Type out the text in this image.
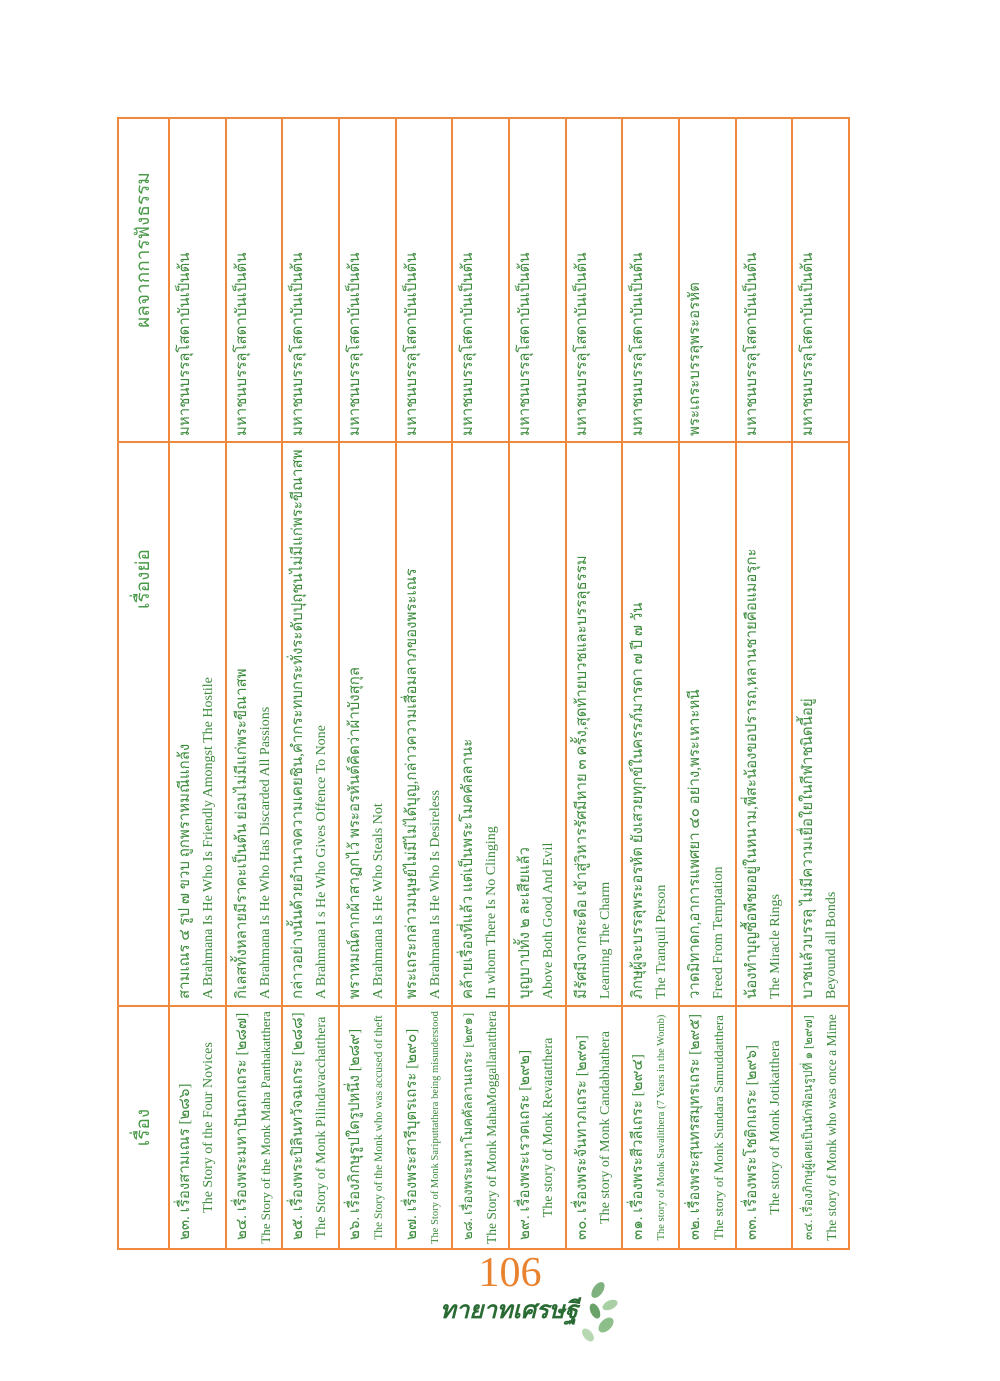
เรื่อง
เรื่องย่อ
ผลจากการฟังธรรม
๒๓. เรื่องสามเณร [๒๘๖] The Story of the Four Novices
สามเณร ๔ รูป ๗ ขวบ ถูกพราหมณีแกล้ง A Brahmana Is He Who Is Friendly Amongst The Hostile
มหาชนบรรลุโสดาบันเป็นต้น
๒๔. เรื่องพระมหาปันถกเถระ [๒๘๗] The Story of the Monk Maha Panthakatthera
กิเลสทั้งหลายมีราคะเป็นต้น ย่อมไม่มีแก่พระขีณาสพ A Brahmana Is He Who Has Discarded All Passions
มหาชนบรรลุโสดาบันเป็นต้น
๒๕. เรื่องพระปิลินทวัจฉเถระ [๒๘๘] The Story of Monk Pilindavacchatthera
กล่าวอย่างนั้นด้วยอำนาจความเคยชิน,คำกระทบกระทั่งระดับปุถุชนไม่มีแก่พระขีณาสพ A Brahmana I s He Who Gives Offence To None
มหาชนบรรลุโสดาบันเป็นต้น
๒๖. เรื่องภิกษุรูปใดรูปหนึ่ง [๒๘๙] The Story of the Monk who was accused of theft
พราหมณ์ตากผ้าสาฏกไว้ พระอรหันต์คิดว่าผ้าบังสุกุล A Brahmana Is He Who Steals Not
มหาชนบรรลุโสดาบันเป็นต้น
๒๗. เรื่องพระสารีบุตรเถระ [๒๙๐] The Story of Monk Sariputtathera being misunderstood
พระเถระกล่าวมนุษย์ไม่มีไม่ได้บุญ,กล่าวความเสื่อมลาภของพระเณร A Brahmana Is He Who Is Desireless
มหาชนบรรลุโสดาบันเป็นต้น
๒๘. เรื่องพระมหาโมคคัลลานเถระ [๒๙๑] The Story of Monk MahaMoggallanatthera
คล้ายเรื่องที่แล้ว แต่เป็นพระโมคคัลลานะ In whom There Is No Clinging
มหาชนบรรลุโสดาบันเป็นต้น
๒๙. เรื่องพระเรวตเถระ [๒๙๒] The story of Monk Revatatthera
บุญบาปทั้ง ๒ ละเสียแล้ว Above Both Good And Evil
มหาชนบรรลุโสดาบันเป็นต้น
๓๐. เรื่องพระจันทาภเถระ [๒๙๓] The story of Monk Candabhathera
มีรัศมีจากสะดือ เข้าสู่วิหารรัศมีหาย ๓ ครั้ง,สุดท้ายบวชและบรรลุธรรม Learning The Charm
มหาชนบรรลุโสดาบันเป็นต้น
๓๑. เรื่องพระสีวลีเถระ [๒๙๔] The story of Monk Savalithera (7 Years in the Womb)
ภิกษุผู้จะบรรลุพระอรหัต ยังเสวยทุกข์ในครรภ์มารดา ๗ ปี ๗ วัน The Tranquil Person
มหาชนบรรลุโสดาบันเป็นต้น
๓๒. เรื่องพระสุนทรสมุทรเถระ [๒๙๕] The story of Monk Sundara Samuddatthera
วาดมิทาดก,อาการแพศยา ๔๐ อย่าง,พระเหาะหนี Freed From Temptation
พระเถระบรรลุพระอรหัต
๓๓. เรื่องพระโชติกเถระ [๒๙๖] The story of Monk Jotikatthera
น้องทำบุญซื้อพืชยอยู่ในหนาม,พี่สะน้องขอปรารถ,หลานชายคือแมอรุกะ The Miracle Rings
มหาชนบรรลุโสดาบันเป็นต้น
๓๔. เรื่องภิกษุผู้เคยเป็นนักฟ้อนรูปที่ ๑ [๒๙๗] The story of Monk who was once a Mime
บวชแล้วบรรลุ ไม่มีความเยื่อใยในกีฬาชนิดนี้อยู่ Beyound all Bonds
มหาชนบรรลุโสดาบันเป็นต้น
106
ทายาทเศรษฐี
